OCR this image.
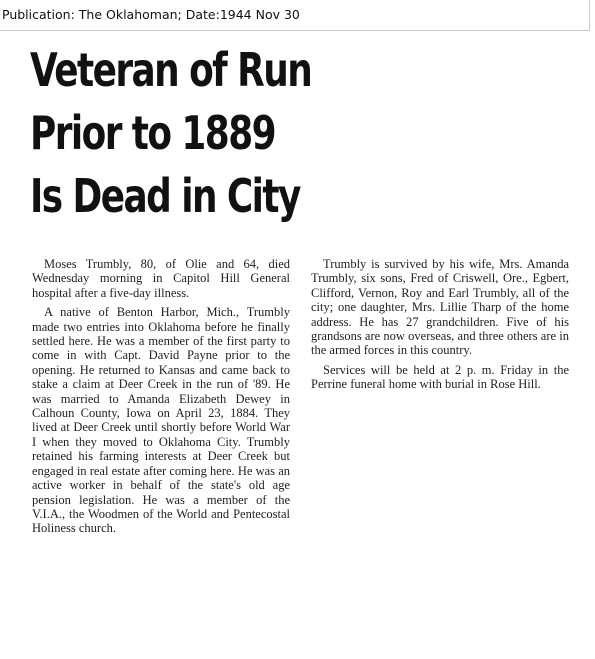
Publication: The Oklahoman; Date:1944 Nov 30
Veteran of Run
Prior to 1889
Is Dead in City

Moses Trumbly, 80, of Olie and 64, died Wednesday morning in Capitol Hill General hospital after a five-day illness.

A native of Benton Harbor, Mich., Trumbly made two entries into Oklahoma before he finally settled here. He was a member of the first party to come in with Capt. David Payne prior to the opening. He returned to Kansas and came back to stake a claim at Deer Creek in the run of '89. He was married to Amanda Elizabeth Dewey in Calhoun County, Iowa on April 23, 1884. They lived at Deer Creek until shortly before World War I when they moved to Oklahoma City. Trumbly retained his farming interests at Deer Creek but engaged in real estate after coming here. He was an active worker in behalf of the state's old age pension legislation. He was a member of the V.I.A., the Woodmen of the World and Pentecostal Holiness church.

Trumbly is survived by his wife, Mrs. Amanda Trumbly, six sons, Fred of Criswell, Ore., Egbert, Clifford, Vernon, Roy and Earl Trumbly, all of the city; one daughter, Mrs. Lillie Tharp of the home address. He has 27 grandchildren. Five of his grandsons are now overseas, and three others are in the armed forces in this country.

Services will be held at 2 p. m. Friday in the Perrine funeral home with burial in Rose Hill.
